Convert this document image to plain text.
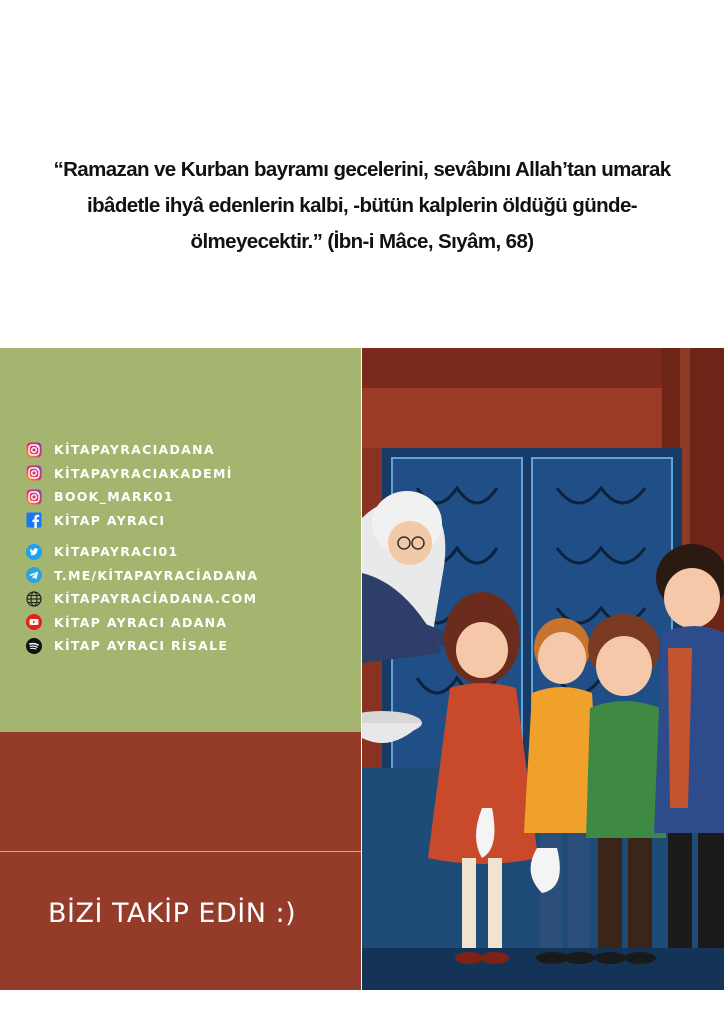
“Ramazan ve Kurban bayramı gecelerini, sevâbını Allah’tan umarak
ibâdetle ihyâ edenlerin kalbi, -bütün kalplerin öldüğü günde-
ölmeyecektir.” (İbn-i Mâce, Sıyâm, 68)
KİTAPAYRACIADANA
KİTAPAYRACIAKADEMİ
BOOK_MARK01
KİTAP AYRACI
KİTAPAYRACI01
T.ME/KİTAPAYRACİADANA
KİTAPAYRACİADANA.COM
KİTAP AYRACI ADANA
KİTAP AYRACI RİSALE
BİZİ TAKİP EDİN :)
